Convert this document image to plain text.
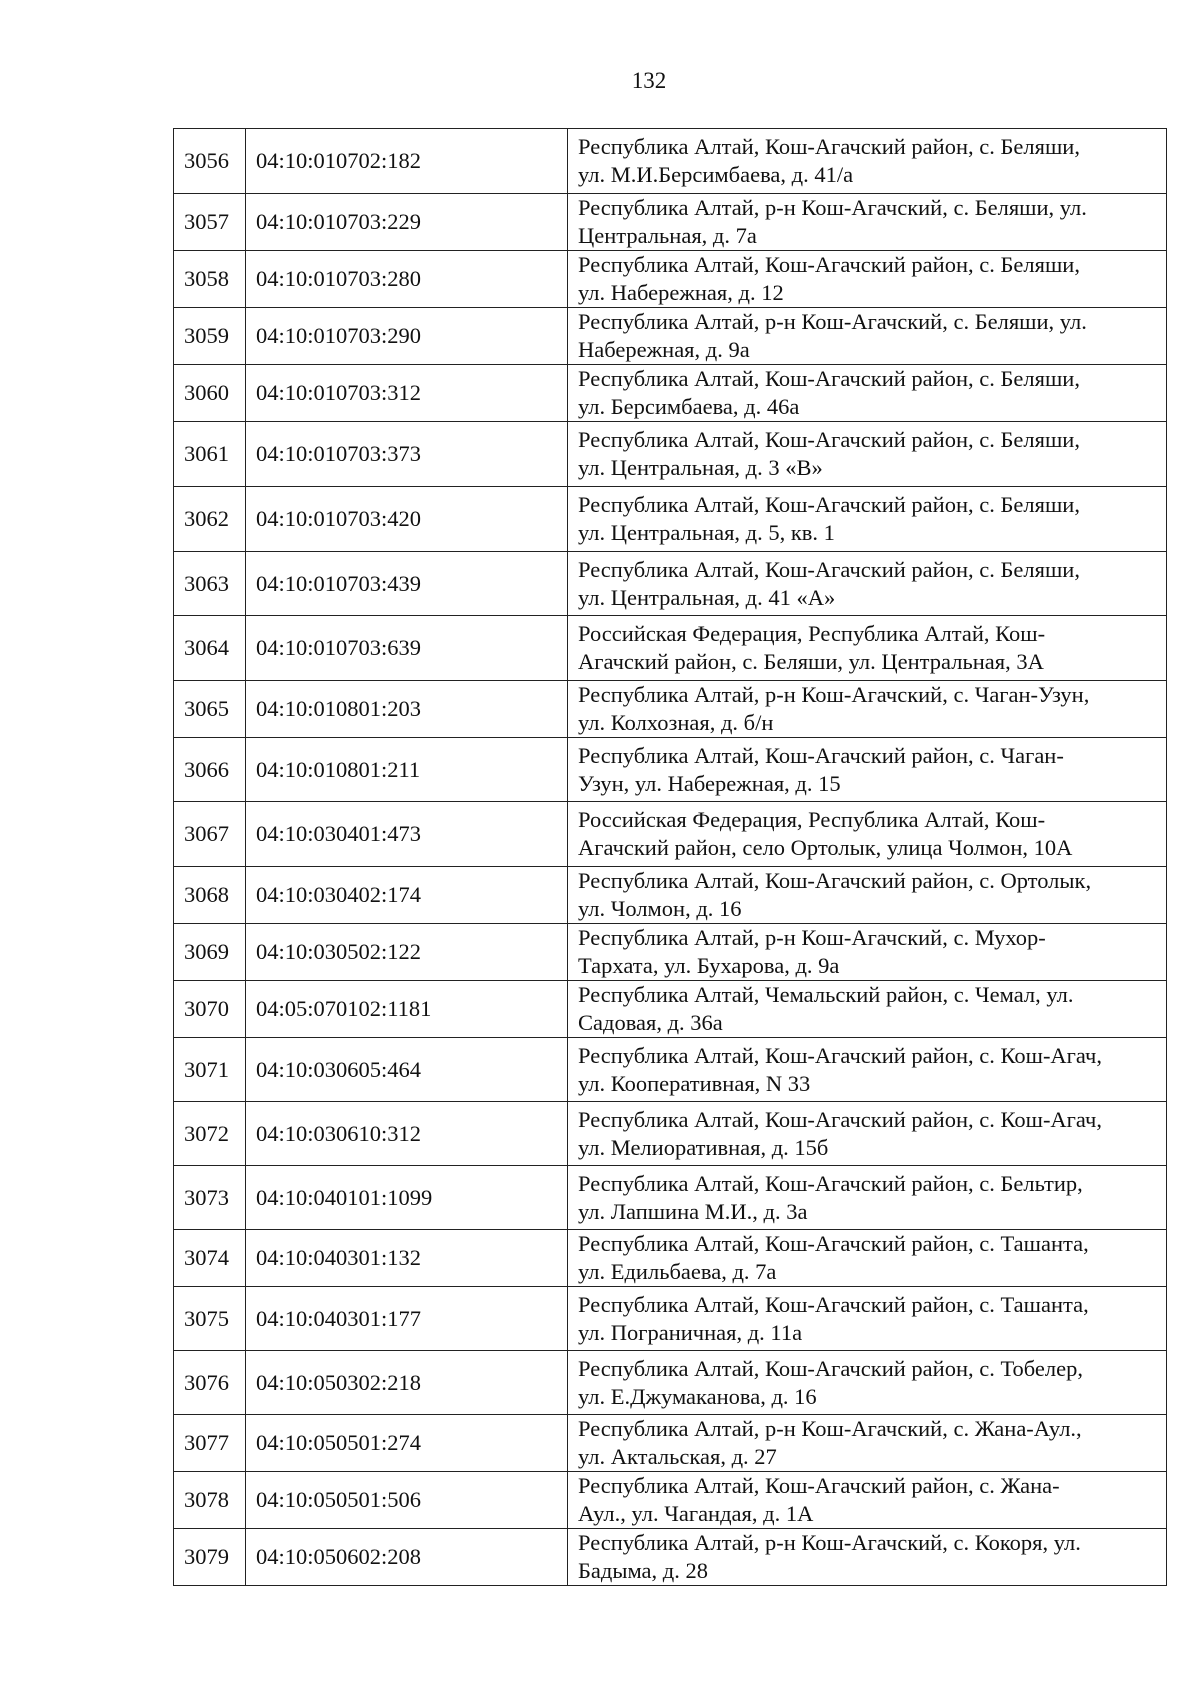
132
3056	04:10:010702:182	Республика Алтай, Кош-Агачский район, с. Беляши,
ул. М.И.Берсимбаева, д. 41/а

3057	04:10:010703:229	Республика Алтай, р-н Кош-Агачский, с. Беляши, ул.
Центральная, д. 7а

3058	04:10:010703:280	Республика Алтай, Кош-Агачский район, с. Беляши,
ул. Набережная, д. 12

3059	04:10:010703:290	Республика Алтай, р-н Кош-Агачский, с. Беляши, ул.
Набережная, д. 9а

3060	04:10:010703:312	Республика Алтай, Кош-Агачский район, с. Беляши,
ул. Берсимбаева, д. 46а

3061	04:10:010703:373	Республика Алтай, Кош-Агачский район, с. Беляши,
ул. Центральная, д. 3 «В»

3062	04:10:010703:420	Республика Алтай, Кош-Агачский район, с. Беляши,
ул. Центральная, д. 5, кв. 1

3063	04:10:010703:439	Республика Алтай, Кош-Агачский район, с. Беляши,
ул. Центральная, д. 41 «А»

3064	04:10:010703:639	Российская Федерация, Республика Алтай, Кош-
Агачский район, с. Беляши, ул. Центральная, 3А

3065	04:10:010801:203	Республика Алтай, р-н Кош-Агачский, с. Чаган-Узун,
ул. Колхозная, д. б/н

3066	04:10:010801:211	Республика Алтай, Кош-Агачский район, с. Чаган-
Узун, ул. Набережная, д. 15

3067	04:10:030401:473	Российская Федерация, Республика Алтай, Кош-
Агачский район, село Ортолык, улица Чолмон, 10А

3068	04:10:030402:174	Республика Алтай, Кош-Агачский район, с. Ортолык,
ул. Чолмон, д. 16

3069	04:10:030502:122	Республика Алтай, р-н Кош-Агачский, с. Мухор-
Тархата, ул. Бухарова, д. 9а

3070	04:05:070102:1181	Республика Алтай, Чемальский район, с. Чемал, ул.
Садовая, д. 36а

3071	04:10:030605:464	Республика Алтай, Кош-Агачский район, с. Кош-Агач,
ул. Кооперативная, N 33

3072	04:10:030610:312	Республика Алтай, Кош-Агачский район, с. Кош-Агач,
ул. Мелиоративная, д. 15б

3073	04:10:040101:1099	Республика Алтай, Кош-Агачский район, с. Бельтир,
ул. Лапшина М.И., д. 3а

3074	04:10:040301:132	Республика Алтай, Кош-Агачский район, с. Ташанта,
ул. Едильбаева, д. 7а

3075	04:10:040301:177	Республика Алтай, Кош-Агачский район, с. Ташанта,
ул. Пограничная, д. 11а

3076	04:10:050302:218	Республика Алтай, Кош-Агачский район, с. Тобелер,
ул. Е.Джумаканова, д. 16

3077	04:10:050501:274	Республика Алтай, р-н Кош-Агачский, с. Жана-Аул.,
ул. Актальская, д. 27

3078	04:10:050501:506	Республика Алтай, Кош-Агачский район, с. Жана-
Аул., ул. Чагандая, д. 1А

3079	04:10:050602:208	Республика Алтай, р-н Кош-Агачский, с. Кокоря, ул.
Бадыма, д. 28
